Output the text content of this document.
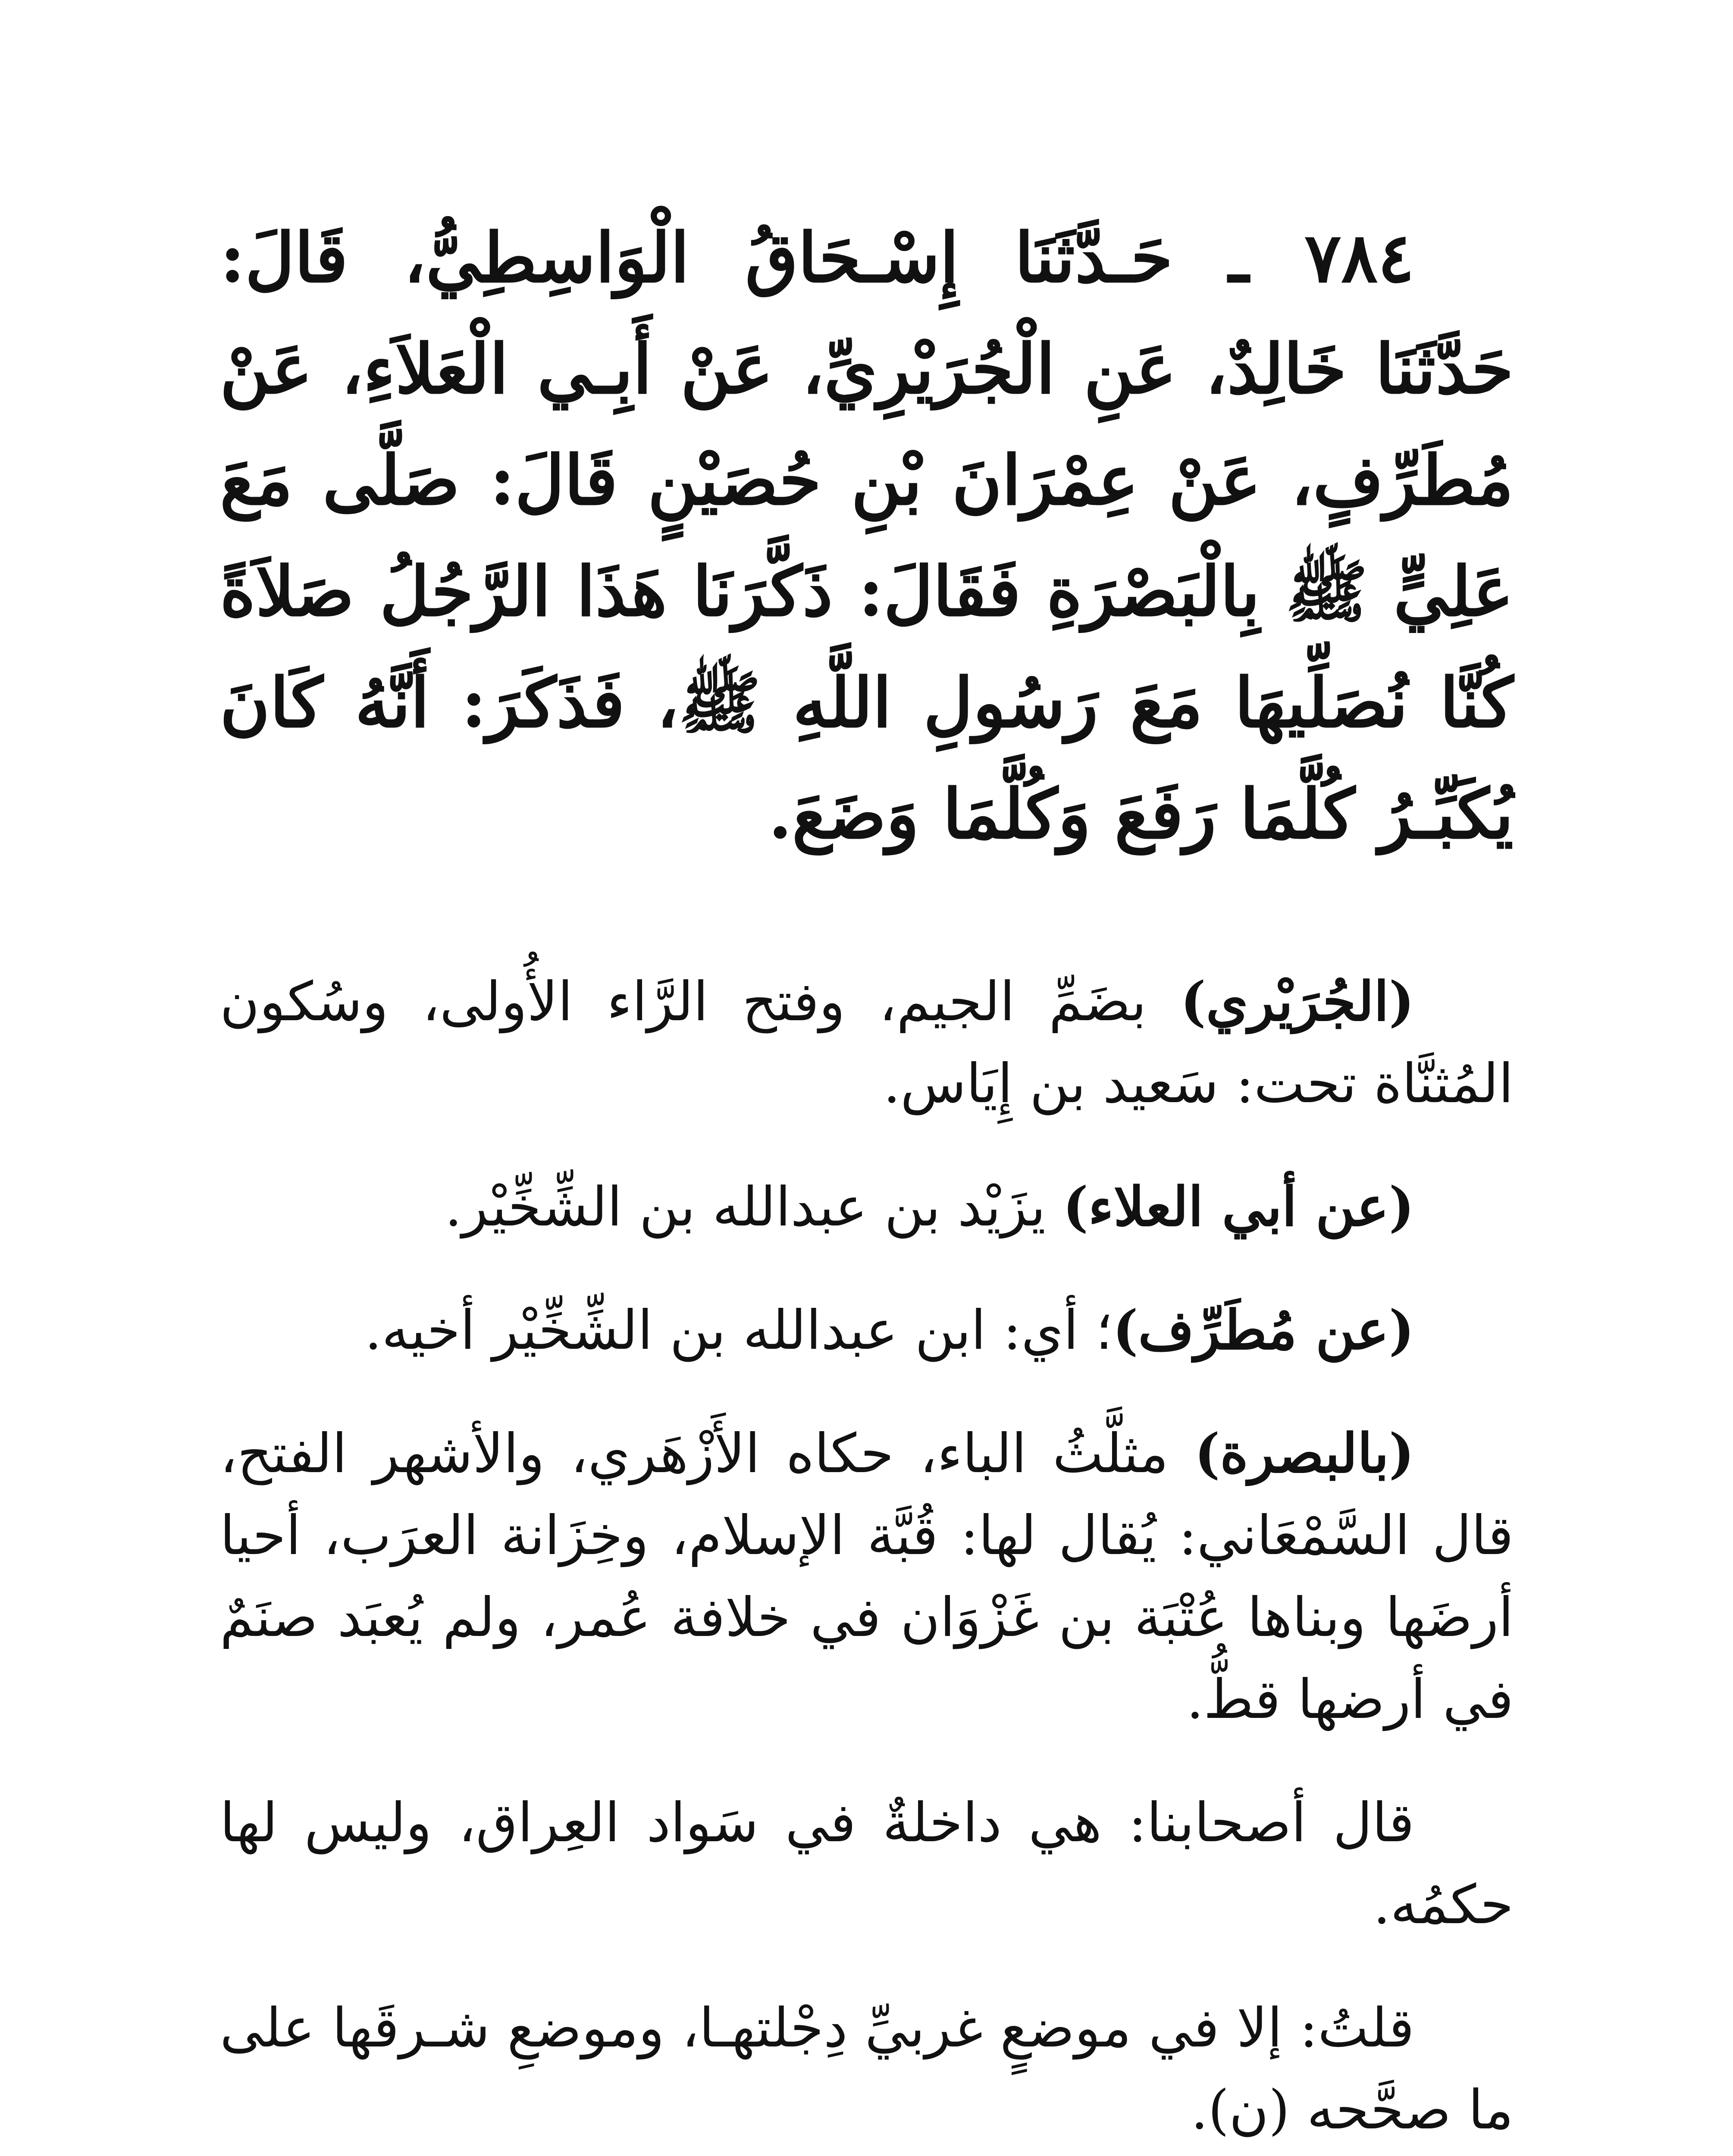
٧٨٤ ـ حَـدَّثَنَا إِسْـحَاقُ الْوَاسِطِيُّ، قَالَ: حَدَّثَنَا خَالِدٌ، عَنِ الْجُرَيْرِيِّ، عَنْ أَبِـي الْعَلاَءِ، عَنْ مُطَرِّفٍ، عَنْ عِمْرَانَ بْنِ حُصَيْنٍ قَالَ: صَلَّى مَعَ عَلِيٍّ ﷺ بِالْبَصْرَةِ فَقَالَ: ذَكَّرَنَا هَذَا الرَّجُلُ صَلاَةً كُنَّا نُصَلِّيهَا مَعَ رَسُولِ اللَّهِ ﷺ، فَذَكَرَ: أَنَّهُ كَانَ يُكَبِّـرُ كُلَّمَا رَفَعَ وَكُلَّمَا وَضَعَ.

(الجُرَيْري) بضَمِّ الجيم، وفتح الرَّاء الأُولى، وسُكون المُثنَّاة تحت: سَعيد بن إِيَاس.

(عن أبي العلاء) يزَيْد بن عبدالله بن الشِّخِّيْر.

(عن مُطَرِّف)؛ أي: ابن عبدالله بن الشِّخِّيْر أخيه.

(بالبصرة) مثلَّثُ الباء، حكاه الأَزْهَري، والأشهر الفتح، قال السَّمْعَاني: يُقال لها: قُبَّة الإسلام، وخِزَانة العرَب، أحيا أرضَها وبناها عُتْبَة بن غَزْوَان في خلافة عُمر، ولم يُعبَد صنَمٌ في أرضها قطُّ.

قال أصحابنا: هي داخلةٌ في سَواد العِراق، وليس لها حكمُه.

قلتُ: إلا في موضعٍ غربيِّ دِجْلتهـا، وموضعِ شـرقَها على ما صحَّحه (ن).
